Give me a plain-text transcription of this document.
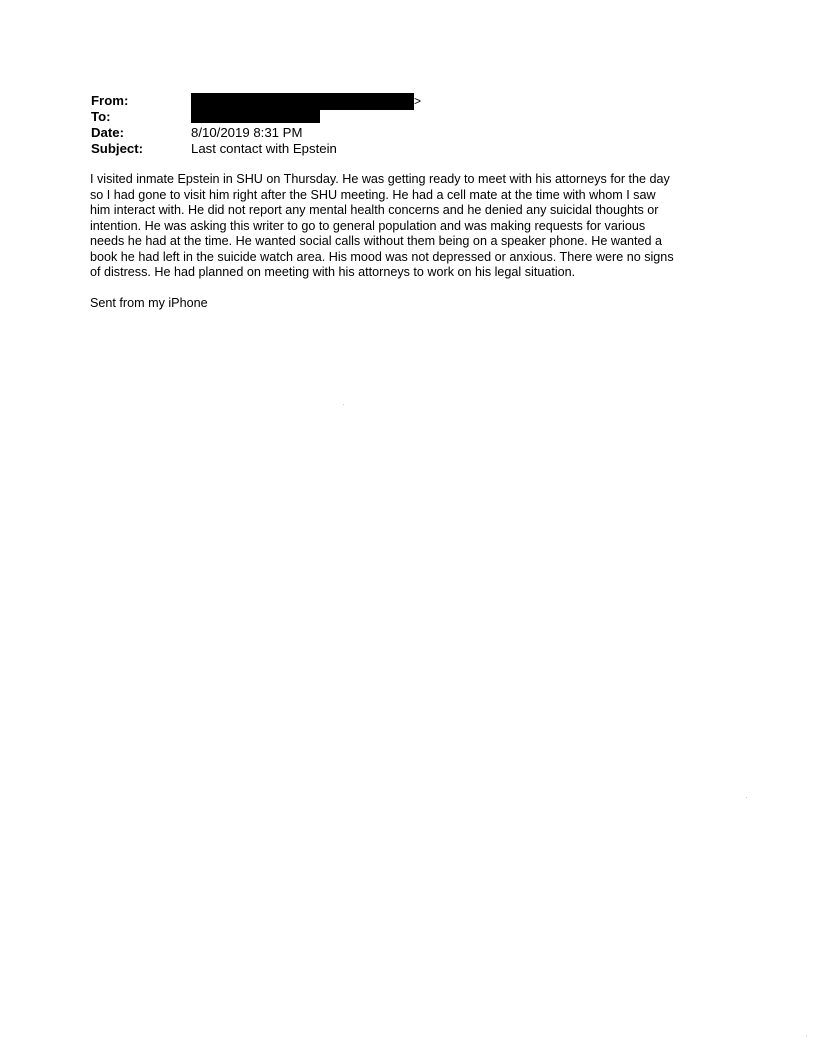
From:	>
To:
Date:	8/10/2019 8:31 PM
Subject:	Last contact with Epstein

I visited inmate Epstein in SHU on Thursday. He was getting ready to meet with his attorneys for the day
so I had gone to visit him right after the SHU meeting. He had a cell mate at the time with whom I saw
him interact with. He did not report any mental health concerns and he denied any suicidal thoughts or
intention. He was asking this writer to go to general population and was making requests for various
needs he had at the time. He wanted social calls without them being on a speaker phone. He wanted a
book he had left in the suicide watch area. His mood was not depressed or anxious. There were no signs
of distress. He had planned on meeting with his attorneys to work on his legal situation.

Sent from my iPhone
